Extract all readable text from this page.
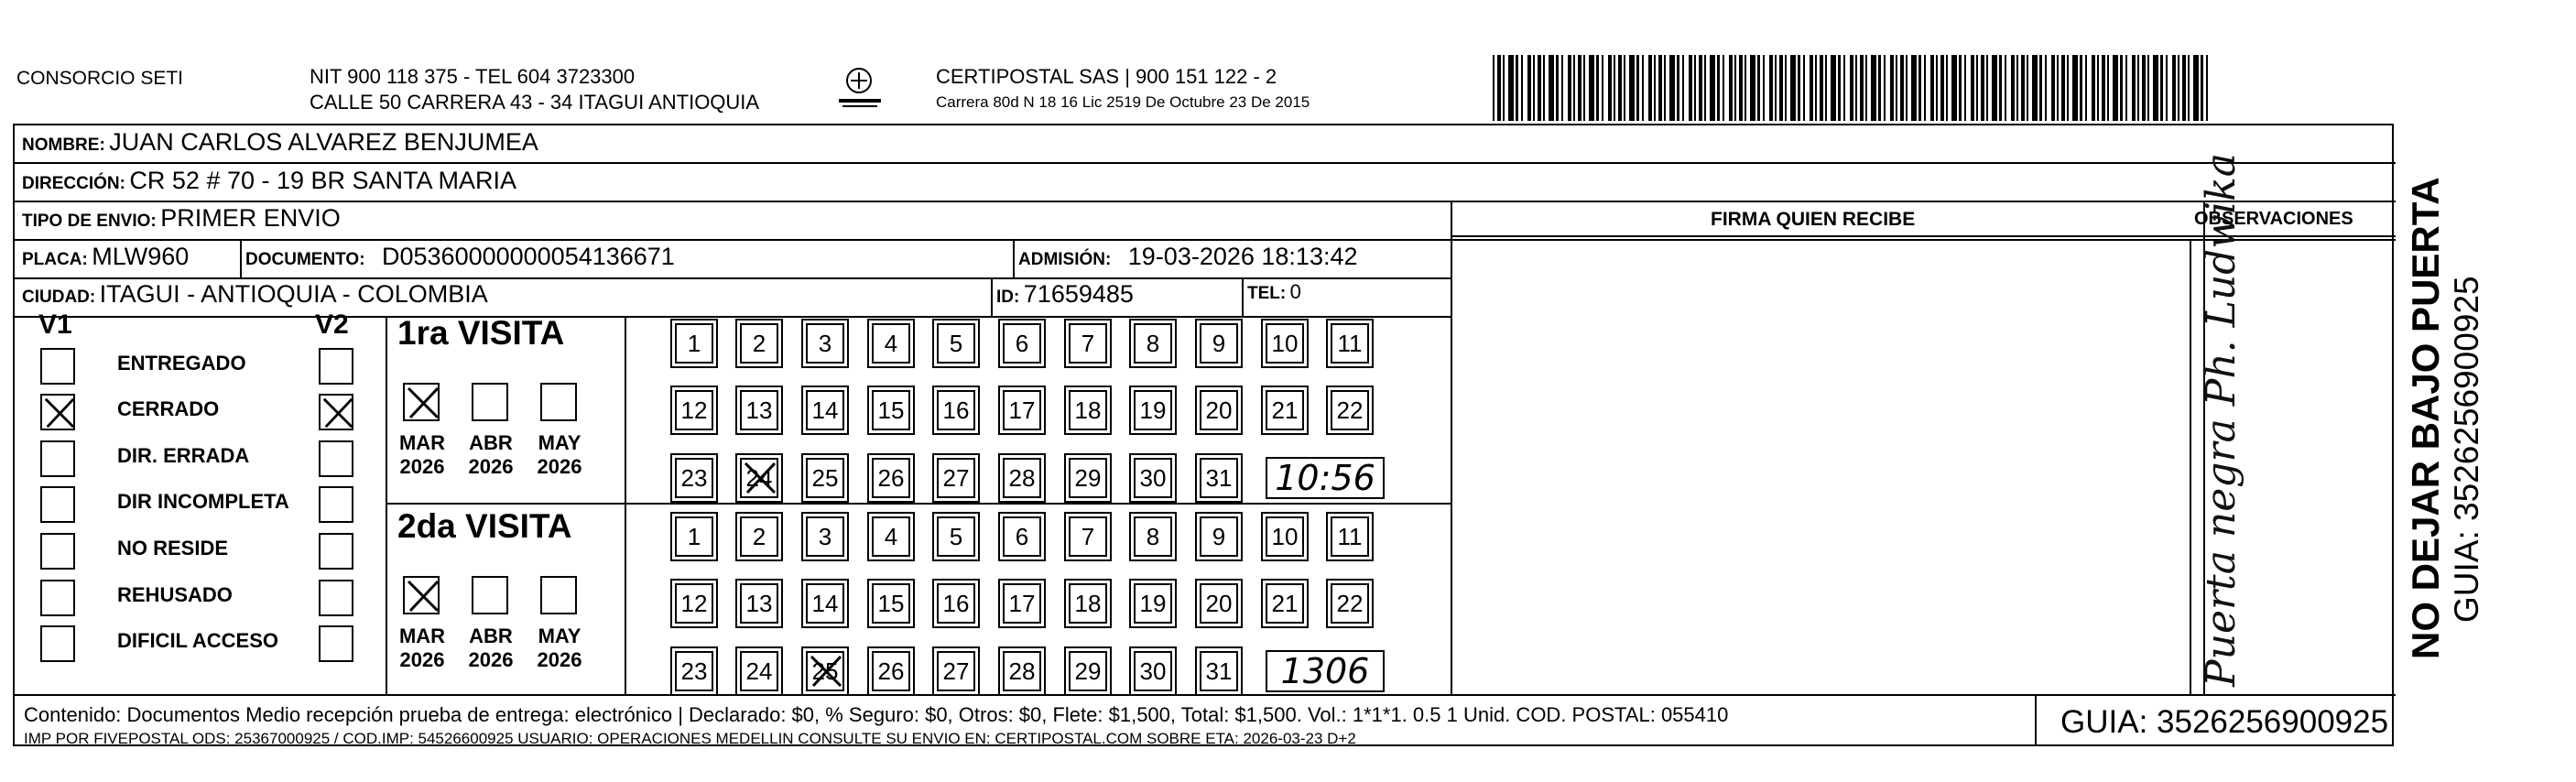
CONSORCIO SETI	NIT 900 118 375 - TEL 604 3723300
CALLE 50 CARRERA 43 - 34 ITAGUI ANTIOQUIA
CERTIPOSTAL SAS | 900 151 122 - 2
Carrera 80d N 18 16 Lic 2519 De Octubre 23 De 2015
NOMBRE: JUAN CARLOS ALVAREZ BENJUMEA
DIRECCIÓN: CR 52 # 70 - 19 BR SANTA MARIA
TIPO DE ENVIO: PRIMER ENVIO
PLACA: MLW960	DOCUMENTO: D05360000000054136671	ADMISIÓN: 19-03-2026 18:13:42
CIUDAD: ITAGUI - ANTIOQUIA - COLOMBIA	ID: 71659485	TEL: 0
FIRMA QUIEN RECIBE	OBSERVACIONES
Puerta negra Ph. Ludwika
V1	V2
ENTREGADO
CERRADO
DIR. ERRADA
DIR INCOMPLETA
NO RESIDE
REHUSADO
DIFICIL ACCESO
1ra VISITA
MAR
2026
ABR
2026
MAY
2026
1	2	3	4	5	6	7	8	9	10 11
12 13 14 15 16 17 18 19 20 21 22
23 24 25 26 27 28 29 30 31 10:56
2da VISITA
MAR
2026
ABR
2026
MAY
2026
1	2	3	4	5	6	7	8	9	10 11
12 13 14 15 16 17 18 19 20 21 22
23 24 25 26 27 28 29 30 31	1306
Contenido: Documentos Medio recepción prueba de entrega: electrónico | Declarado: $0, % Seguro: $0, Otros: $0, Flete: $1,500, Total: $1,500. Vol.: 1*1*1. 0.5 1 Unid. COD. POSTAL: 055410
IMP POR FIVEPOSTAL ODS: 25367000925 / COD.IMP: 54526600925 USUARIO: OPERACIONES MEDELLIN CONSULTE SU ENVIO EN: CERTIPOSTAL.COM SOBRE ETA: 2026-03-23 D+2	GUIA: 3526256900925
NO DEJAR BAJO PUERTA GUIA: 3526256900925
